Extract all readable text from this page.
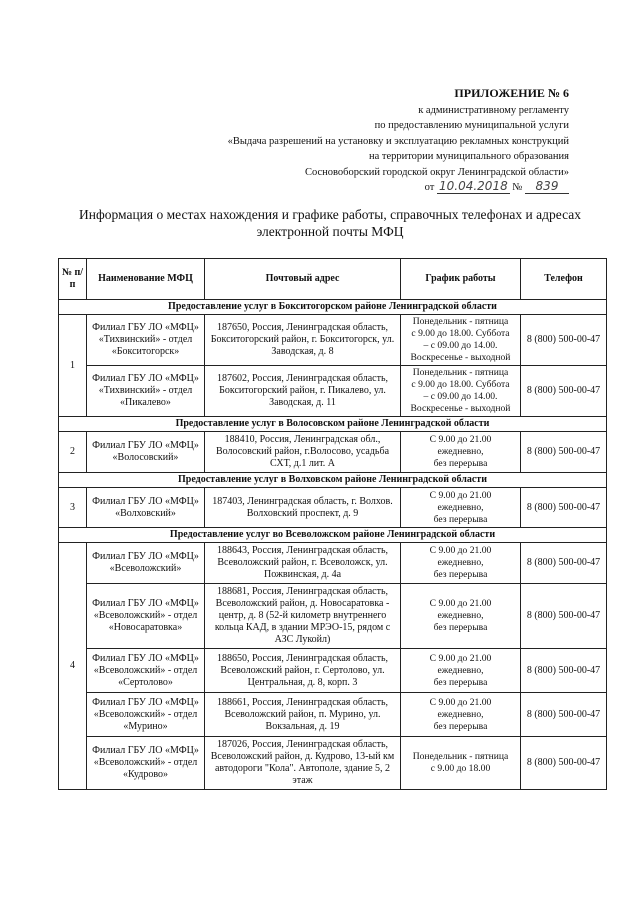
ПРИЛОЖЕНИЕ № 6
к административному регламенту
по предоставлению муниципальной услуги
«Выдача разрешений на установку и эксплуатацию рекламных конструкций
на территории муниципального образования
Сосновоборский городской округ Ленинградской области»
от 10.04.2018 № 839
Информация о местах нахождения и графике работы, справочных телефонах и адресах
электронной почты МФЦ
№ п/п	Наименование МФЦ	Почтовый адрес	График работы	Телефон
Предоставление услуг в Бокситогорском районе Ленинградской области				
1	Филиал ГБУ ЛО «МФЦ» «Тихвинский» - отдел «Бокситогорск»	187650, Россия, Ленинградская область, Бокситогорский район, г. Бокситогорск, ул. Заводская, д. 8	Понедельник - пятница
с 9.00 до 18.00. Суббота
– с 09.00 до 14.00.
Воскресенье - выходной	8 (800) 500-00-47
	Филиал ГБУ ЛО «МФЦ» «Тихвинский» - отдел «Пикалево»	187602, Россия, Ленинградская область, Бокситогорский район, г. Пикалево, ул. Заводская, д. 11	Понедельник - пятница
с 9.00 до 18.00. Суббота
– с 09.00 до 14.00.
Воскресенье - выходной	8 (800) 500-00-47
Предоставление услуг в Волосовском районе Ленинградской области				
2	Филиал ГБУ ЛО «МФЦ» «Волосовский»	188410, Россия, Ленинградская обл., Волосовский район, г.Волосово, усадьба СХТ, д.1 лит. А	С 9.00 до 21.00
ежедневно,
без перерыва	8 (800) 500-00-47
Предоставление услуг в Волховском районе Ленинградской области				
3	Филиал ГБУ ЛО «МФЦ» «Волховский»	187403, Ленинградская область, г. Волхов. Волховский проспект, д. 9	С 9.00 до 21.00
ежедневно,
без перерыва	8 (800) 500-00-47
Предоставление услуг во Всеволожском районе Ленинградской области				
4	Филиал ГБУ ЛО «МФЦ» «Всеволожский»	188643, Россия, Ленинградская область, Всеволожский район, г. Всеволожск, ул. Пожвинская, д. 4а	С 9.00 до 21.00
ежедневно,
без перерыва	8 (800) 500-00-47
	Филиал ГБУ ЛО «МФЦ» «Всеволожский» - отдел «Новосаратовка»	188681, Россия, Ленинградская область, Всеволожский район, д. Новосаратовка - центр, д. 8 (52-й километр внутреннего кольца КАД, в здании МРЭО-15, рядом с АЗС Лукойл)	С 9.00 до 21.00
ежедневно,
без перерыва	8 (800) 500-00-47
	Филиал ГБУ ЛО «МФЦ» «Всеволожский» - отдел «Сертолово»	188650, Россия, Ленинградская область, Всеволожский район, г. Сертолово, ул. Центральная, д. 8, корп. 3	С 9.00 до 21.00
ежедневно,
без перерыва	8 (800) 500-00-47
	Филиал ГБУ ЛО «МФЦ» «Всеволожский» - отдел «Мурино»	188661, Россия, Ленинградская область, Всеволожский район, п. Мурино, ул. Вокзальная, д. 19	С 9.00 до 21.00
ежедневно,
без перерыва	8 (800) 500-00-47
	Филиал ГБУ ЛО «МФЦ» «Всеволожский» - отдел «Кудрово»	187026, Россия, Ленинградская область, Всеволожский район, д. Кудрово, 13-ый км автодороги "Кола". Автополе, здание 5, 2 этаж	Понедельник - пятница
с 9.00 до 18.00	8 (800) 500-00-47
